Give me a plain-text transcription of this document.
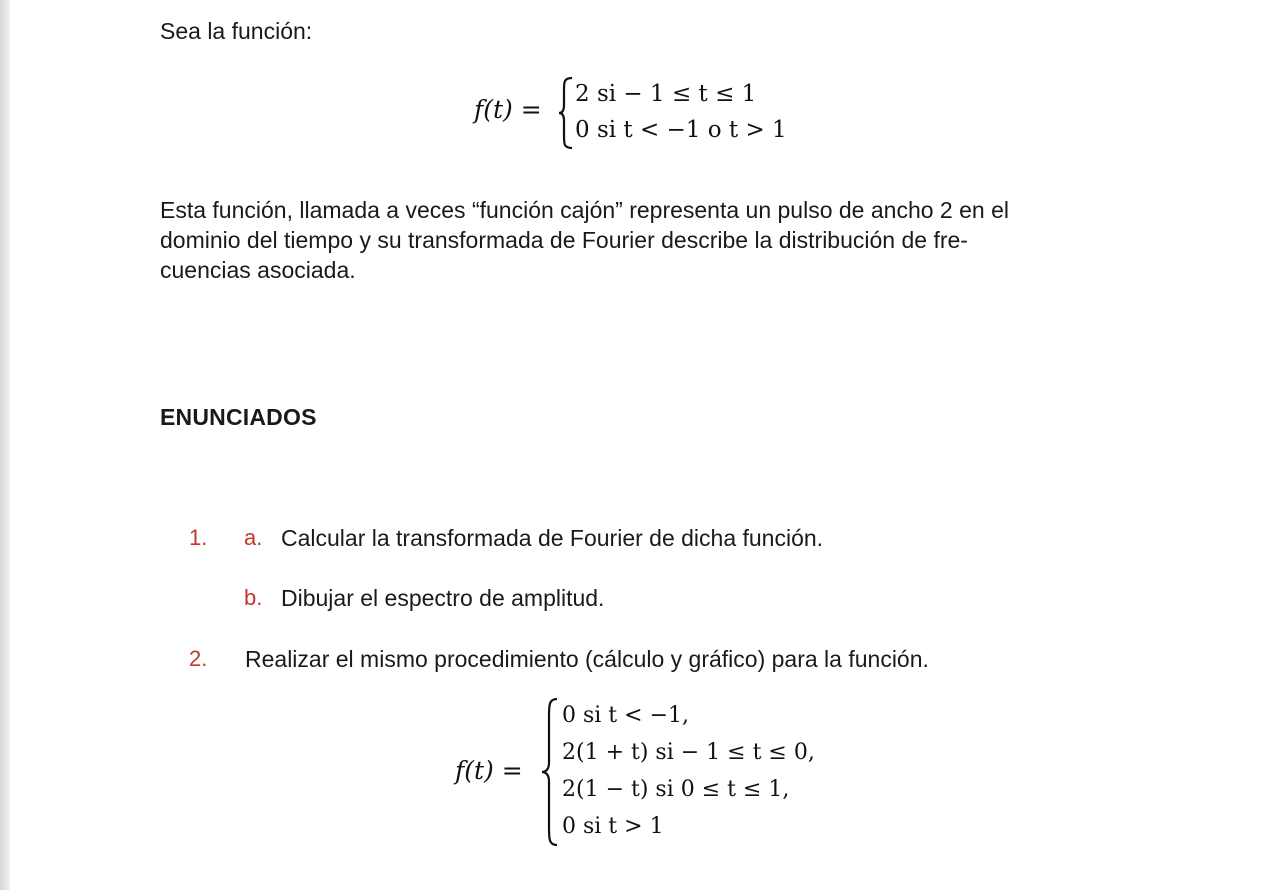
Sea la función:
f(t) =
2 si − 1 ≤ t ≤ 1
0 si t < −1 o t > 1
Esta función, llamada a veces “función cajón” representa un pulso de ancho 2 en el
dominio del tiempo y su transformada de Fourier describe la distribución de fre-
cuencias asociada.
ENUNCIADOS
1. a. Calcular la transformada de Fourier de dicha función.
b. Dibujar el espectro de amplitud.
2. Realizar el mismo procedimiento (cálculo y gráfico) para la función.
f(t) =
0 si t < −1,
2(1 + t) si − 1 ≤ t ≤ 0,
2(1 − t) si 0 ≤ t ≤ 1,
0 si t > 1
